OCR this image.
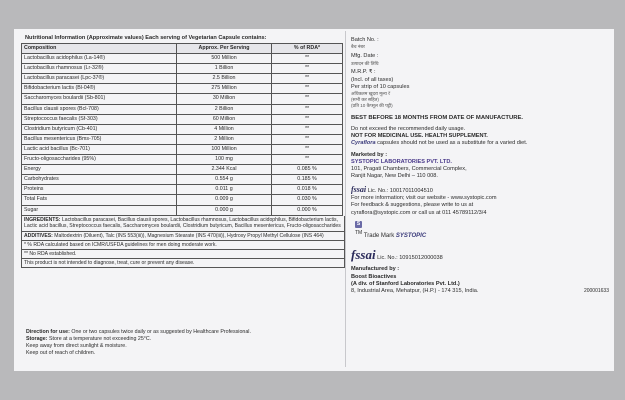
Nutritional Information (Approximate values) Each serving of Vegetarian Capsule contains:
Composition	Approx. Per Serving	% of RDA*
Lactobacillus acidophilus (La-14®)	500 Million	**
Lactobacillus rhamnosus (Lr-32®)	1 Billion	**
Lactobacillus paracasei (Lpc-37®)	2.5 Billion	**
Bifidobacterium lactis (Bl-04®)	275 Million	**
Saccharomyces boulardii (Sb-801)	30 Million	**
Bacillus clausii spores (Bcl-708)	2 Billion	**
Streptococcus faecalis (Sf-303)	60 Million	**
Clostridium butyricum (Cb-401)	4 Million	**
Bacillus mesentericus (Bms-705)	2 Million	**
Lactic acid bacillus (Bc-701)	100 Million	**
Fructo-oligosaccharides (95%)	100 mg	**
Energy	2.344 Kcal	0.085 %
Carbohydrates	0.554 g	0.185 %
Proteins	0.011 g	0.018 %
Total Fats	0.009 g	0.030 %
Sugar	0.000 g	0.000 %
INGREDIENTS: Lactobacillus paracasei, Bacillus clausii spores, Lactobacillus rhamnosus, Lactobacillus acidophilus, Bifidobacterium lactis, Lactic acid bacillus, Streptococcus faecalis, Saccharomyces boulardii, Clostridium butyricum, Bacillus mesentericus, Fructo-oligosaccharides
ADDITIVES: Maltodextrin (Diluent), Talc (INS 553(iii)), Magnesium Stearate (INS 470(iii)), Hydroxy Propyl Methyl Cellulose (INS 464)
* % RDA calculated based on ICMR/USFDA guidelines for men doing moderate work.
** No RDA established.
This product is not intended to diagnose, treat, cure or prevent any disease.
Direction for use: One or two capsules twice daily or as suggested by Healthcare Professional.
Storage: Store at a temperature not exceeding 25°C.
Keep away from direct sunlight & moisture.
Keep out of reach of children.
Batch No. :
बैच नंबर
Mfg. Date :
उत्पादन की तिथि
M.R.P. ₹ :
(Incl. of all taxes)
Per strip of 10 capsules
अधिकतम खुदरा मूल्य ₹
(सभी कर सहित)
(प्रति 10 कैप्सूल की पट्टी)
BEST BEFORE 18 MONTHS FROM DATE OF MANUFACTURE.
Do not exceed the recommended daily usage.
NOT FOR MEDICINAL USE. HEALTH SUPPLEMENT.
Cyraflora capsules should not be used as a substitute for a varied diet.
Marketed by :
SYSTOPIC LABORATORIES PVT. LTD.
101, Pragati Chambers, Commercial Complex,
Ranjit Nagar, New Delhi – 110 008.
fssai Lic. No.: 10017011004510
For more information; visit our website - www.systopic.com
For feedback & suggestions, please write to us at
cyraflora@systopic.com or call us at 011 45789112/3/4
S
™ Trade Mark SYSTOPIC
fssai Lic. No.: 10915012000038
Manufactured by :
Boost Bioactives
(A div. of Stanford Laboratories Pvt. Ltd.)
8, Industrial Area, Mehatpur, (H.P.) - 174 315, India.	200001633
